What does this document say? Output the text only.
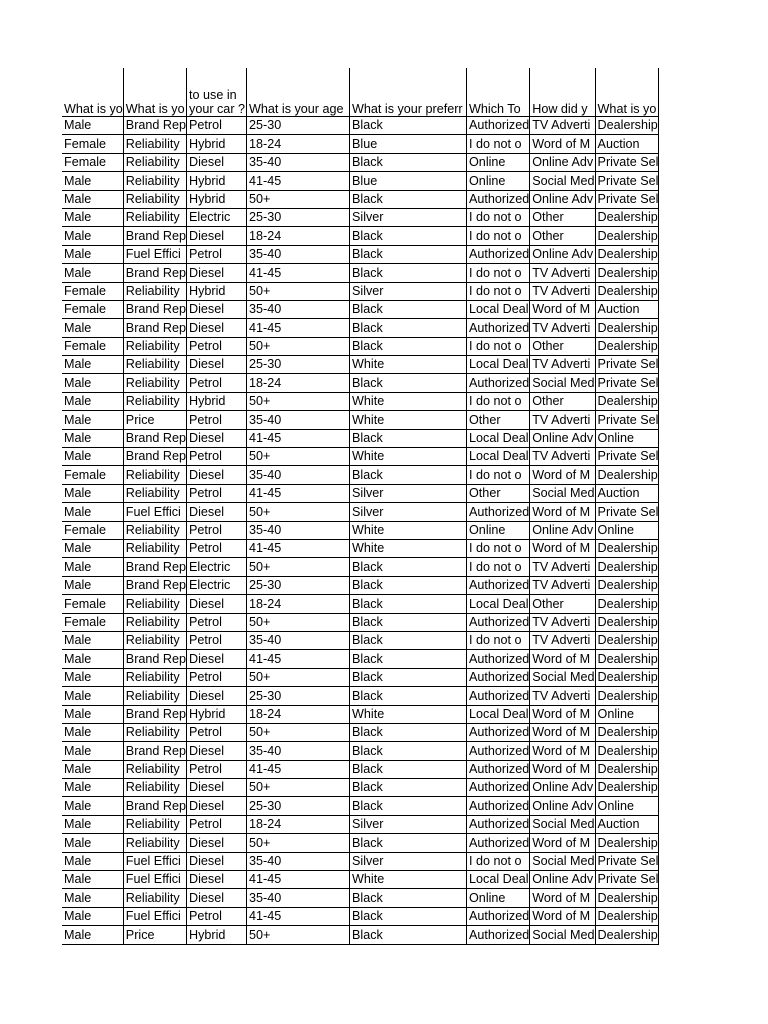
What is yo	What is yo	to use in your car ?	What is your age	What is your preferr	Which To	How did y	What is yo
Male	Brand Rep	Petrol	25-30	Black	Authorized	TV Adverti	Dealership
Female	Reliability	Hybrid	18-24	Blue	I do not o	Word of M	Auction
Female	Reliability	Diesel	35-40	Black	Online	Online Adv	Private Sel
Male	Reliability	Hybrid	41-45	Blue	Online	Social Med	Private Sel
Male	Reliability	Hybrid	50+	Black	Authorized	Online Adv	Private Sel
Male	Reliability	Electric	25-30	Silver	I do not o	Other	Dealership
Male	Brand Rep	Diesel	18-24	Black	I do not o	Other	Dealership
Male	Fuel Effici	Petrol	35-40	Black	Authorized	Online Adv	Dealership
Male	Brand Rep	Diesel	41-45	Black	I do not o	TV Adverti	Dealership
Female	Reliability	Hybrid	50+	Silver	I do not o	TV Adverti	Dealership
Female	Brand Rep	Diesel	35-40	Black	Local Deal	Word of M	Auction
Male	Brand Rep	Diesel	41-45	Black	Authorized	TV Adverti	Dealership
Female	Reliability	Petrol	50+	Black	I do not o	Other	Dealership
Male	Reliability	Diesel	25-30	White	Local Deal	TV Adverti	Private Sel
Male	Reliability	Petrol	18-24	Black	Authorized	Social Med	Private Sel
Male	Reliability	Hybrid	50+	White	I do not o	Other	Dealership
Male	Price	Petrol	35-40	White	Other	TV Adverti	Private Sel
Male	Brand Rep	Diesel	41-45	Black	Local Deal	Online Adv	Online
Male	Brand Rep	Petrol	50+	White	Local Deal	TV Adverti	Private Sel
Female	Reliability	Diesel	35-40	Black	I do not o	Word of M	Dealership
Male	Reliability	Petrol	41-45	Silver	Other	Social Med	Auction
Male	Fuel Effici	Diesel	50+	Silver	Authorized	Word of M	Private Sel
Female	Reliability	Petrol	35-40	White	Online	Online Adv	Online
Male	Reliability	Petrol	41-45	White	I do not o	Word of M	Dealership
Male	Brand Rep	Electric	50+	Black	I do not o	TV Adverti	Dealership
Male	Brand Rep	Electric	25-30	Black	Authorized	TV Adverti	Dealership
Female	Reliability	Diesel	18-24	Black	Local Deal	Other	Dealership
Female	Reliability	Petrol	50+	Black	Authorized	TV Adverti	Dealership
Male	Reliability	Petrol	35-40	Black	I do not o	TV Adverti	Dealership
Male	Brand Rep	Diesel	41-45	Black	Authorized	Word of M	Dealership
Male	Reliability	Petrol	50+	Black	Authorized	Social Med	Dealership
Male	Reliability	Diesel	25-30	Black	Authorized	TV Adverti	Dealership
Male	Brand Rep	Hybrid	18-24	White	Local Deal	Word of M	Online
Male	Reliability	Petrol	50+	Black	Authorized	Word of M	Dealership
Male	Brand Rep	Diesel	35-40	Black	Authorized	Word of M	Dealership
Male	Reliability	Petrol	41-45	Black	Authorized	Word of M	Dealership
Male	Reliability	Diesel	50+	Black	Authorized	Online Adv	Dealership
Male	Brand Rep	Diesel	25-30	Black	Authorized	Online Adv	Online
Male	Reliability	Petrol	18-24	Silver	Authorized	Social Med	Auction
Male	Reliability	Diesel	50+	Black	Authorized	Word of M	Dealership
Male	Fuel Effici	Diesel	35-40	Silver	I do not o	Social Med	Private Sel
Male	Fuel Effici	Diesel	41-45	White	Local Deal	Online Adv	Private Sel
Male	Reliability	Diesel	35-40	Black	Online	Word of M	Dealership
Male	Fuel Effici	Petrol	41-45	Black	Authorized	Word of M	Dealership
Male	Price	Hybrid	50+	Black	Authorized	Social Med	Dealership
